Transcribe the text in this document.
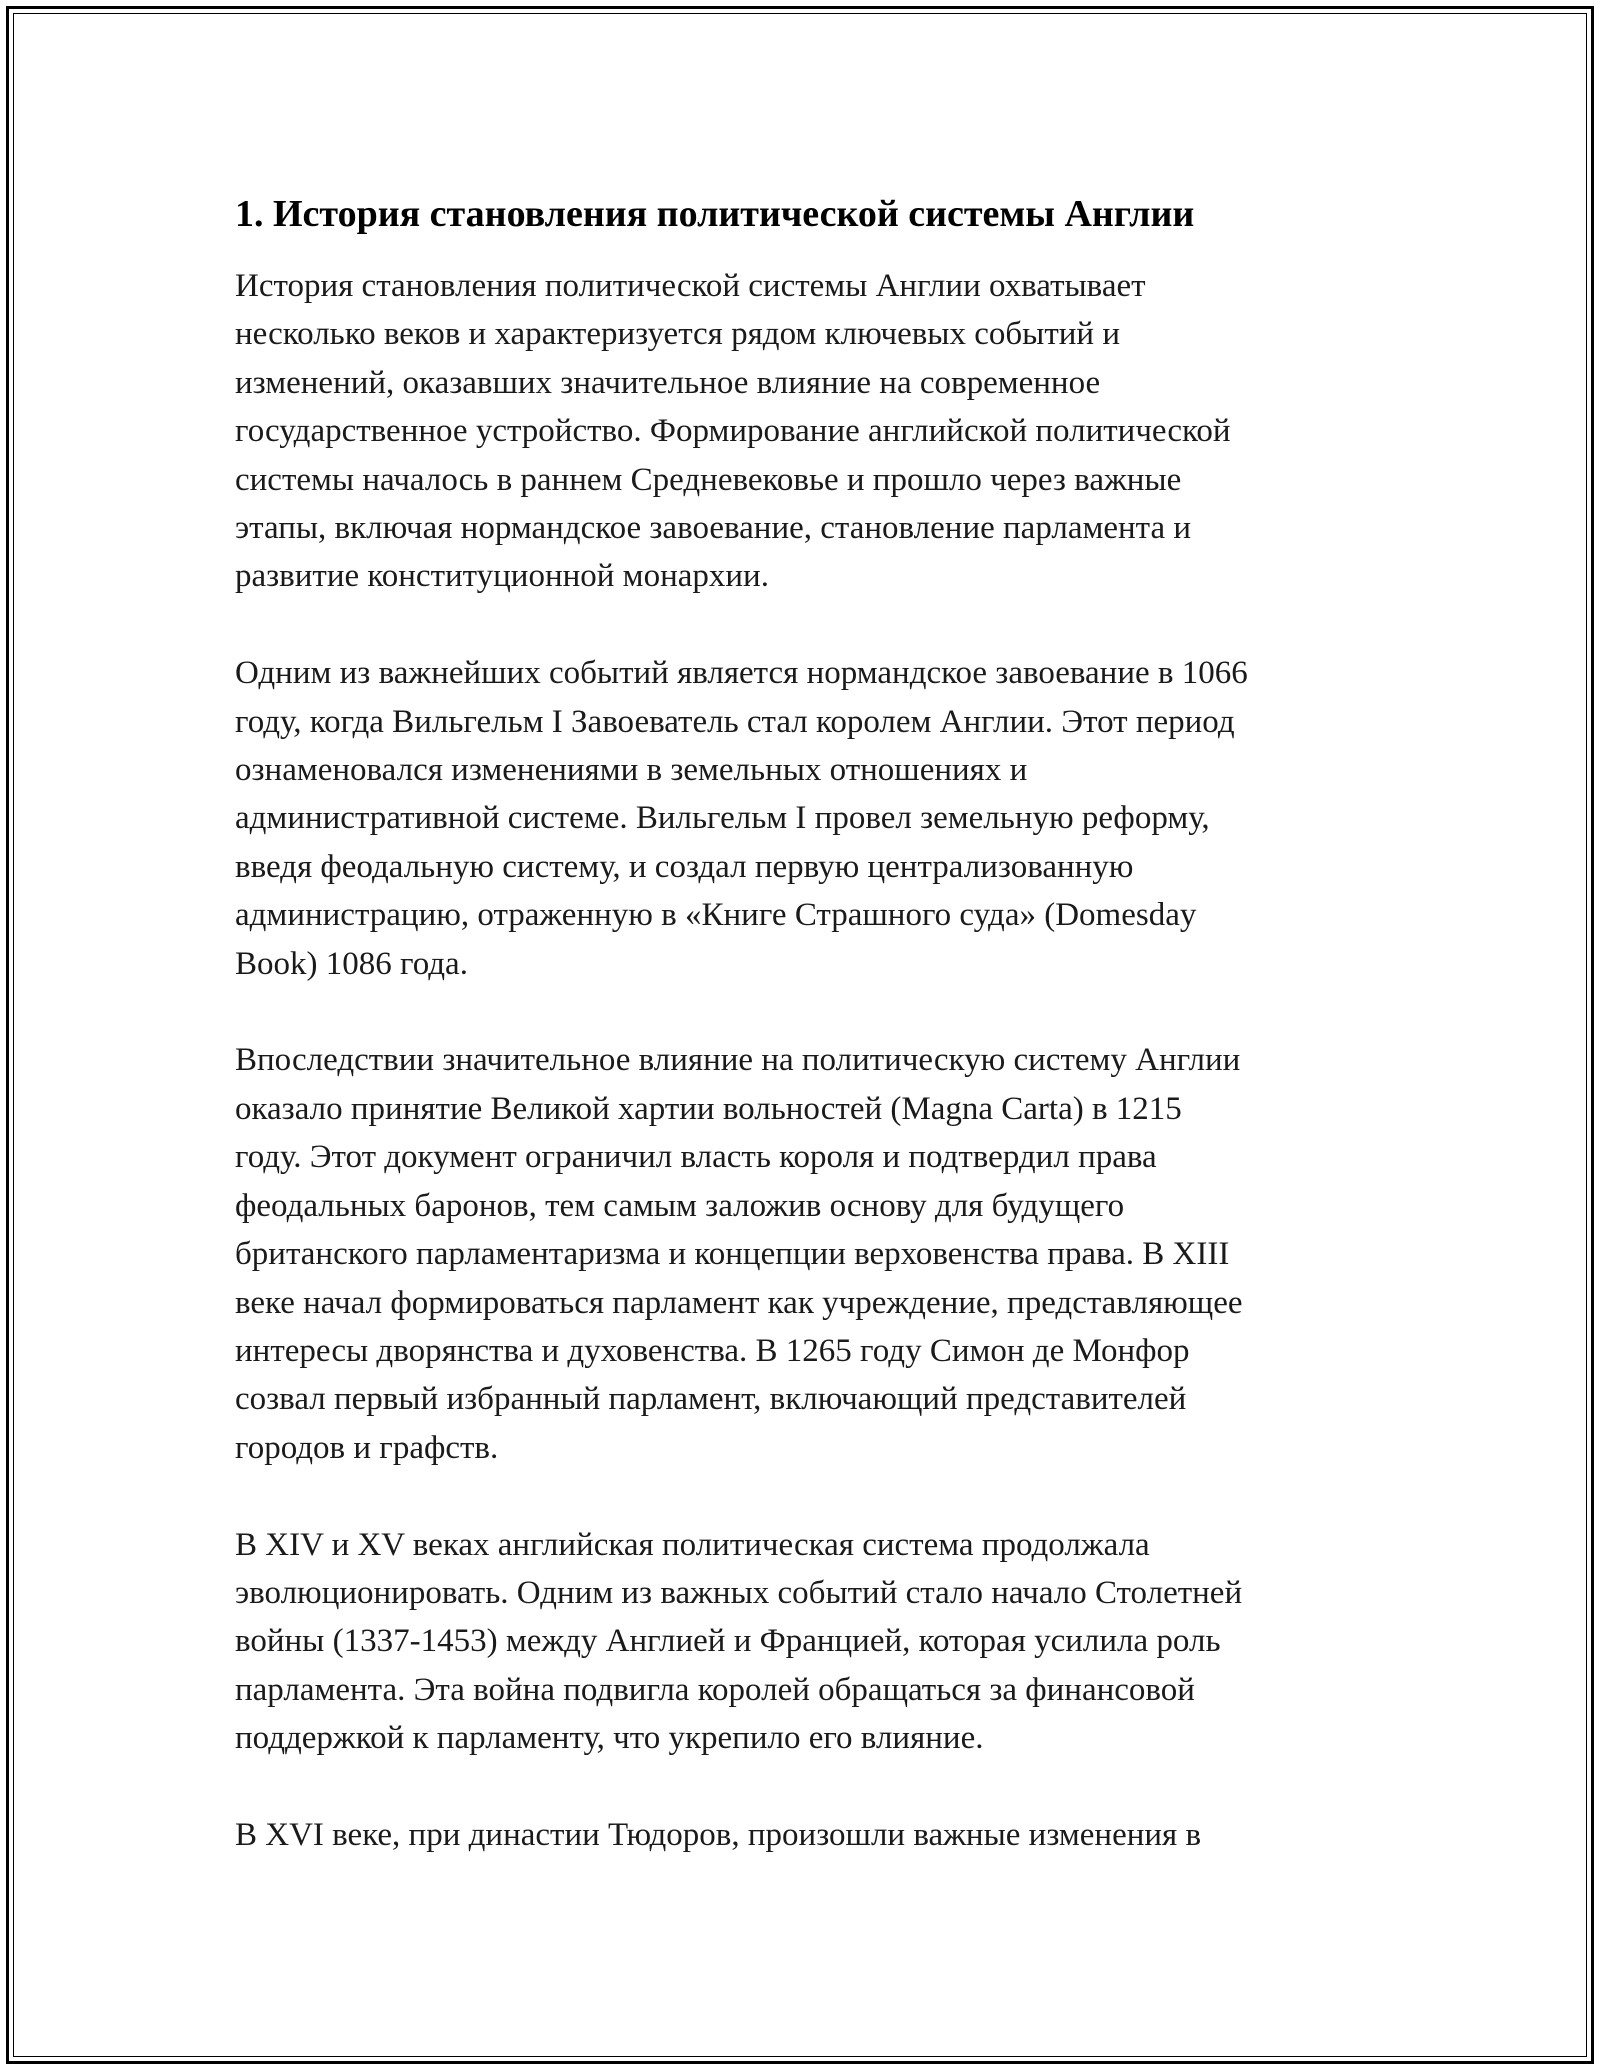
1. История становления политической системы Англии

История становления политической системы Англии охватывает
несколько веков и характеризуется рядом ключевых событий и
изменений, оказавших значительное влияние на современное
государственное устройство. Формирование английской политической
системы началось в раннем Средневековье и прошло через важные
этапы, включая нормандское завоевание, становление парламента и
развитие конституционной монархии.

Одним из важнейших событий является нормандское завоевание в 1066
году, когда Вильгельм I Завоеватель стал королем Англии. Этот период
ознаменовался изменениями в земельных отношениях и
административной системе. Вильгельм I провел земельную реформу,
введя феодальную систему, и создал первую централизованную
администрацию, отраженную в «Книге Страшного суда» (Domesday
Book) 1086 года.

Впоследствии значительное влияние на политическую систему Англии
оказало принятие Великой хартии вольностей (Magna Carta) в 1215
году. Этот документ ограничил власть короля и подтвердил права
феодальных баронов, тем самым заложив основу для будущего
британского парламентаризма и концепции верховенства права. В XIII
веке начал формироваться парламент как учреждение, представляющее
интересы дворянства и духовенства. В 1265 году Симон де Монфор
созвал первый избранный парламент, включающий представителей
городов и графств.

В XIV и XV веках английская политическая система продолжала
эволюционировать. Одним из важных событий стало начало Столетней
войны (1337-1453) между Англией и Францией, которая усилила роль
парламента. Эта война подвигла королей обращаться за финансовой
поддержкой к парламенту, что укрепило его влияние.

В XVI веке, при династии Тюдоров, произошли важные изменения в
